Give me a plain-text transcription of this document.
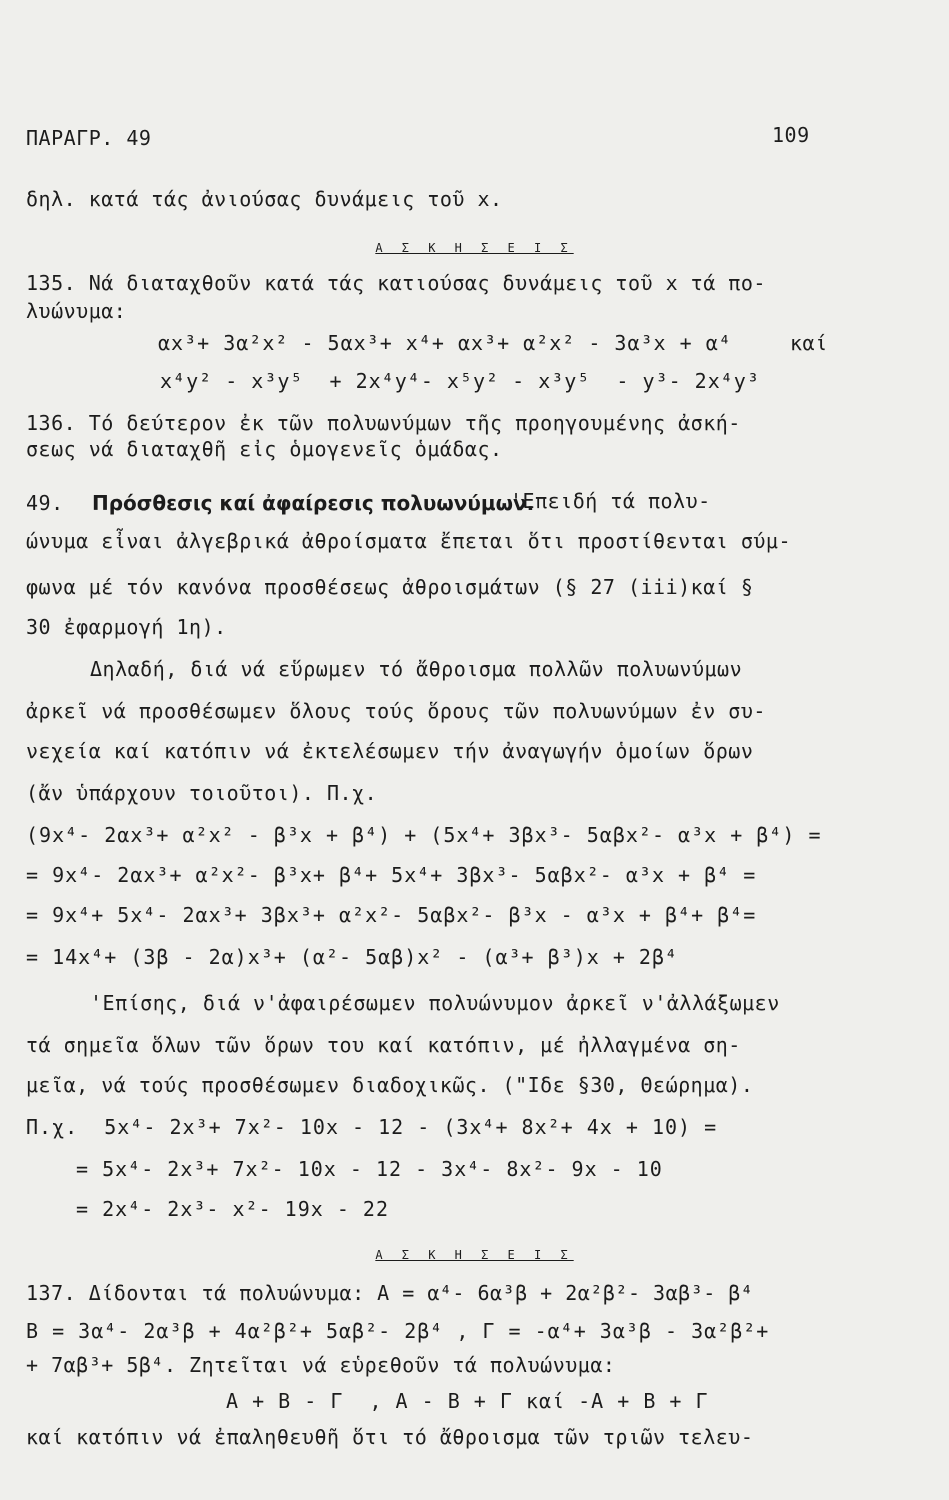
ΠΑΡΑΓΡ. 49	109
δηλ. κατά τάς ἀνιούσας δυνάμεις τοῦ x.
Α Σ Κ Η Σ Ε Ι Σ
135. Νά διαταχθοῦν κατά τάς κατιούσας δυνάμεις τοῦ x τά πο-
λυώνυμα:
αx³+ 3α²x² - 5αx³+ x⁴+ αx³+ α²x² - 3α³x + α⁴	καί
x⁴y² - x³y⁵  + 2x⁴y⁴- x⁵y² - x³y⁵  - y³- 2x⁴y³
136. Τό δεύτερον ἐκ τῶν πολυωνύμων τῆς προηγουμένης ἀσκή-
σεως νά διαταχθῆ εἰς ὁμογενεῖς ὁμάδας.
49. Πρόσθεσις καί ἀφαίρεσις πολυωνύμων.
'Επειδή τά πολυ-
ώνυμα εἶναι ἀλγεβρικά ἀθροίσματα ἔπεται ὅτι προστίθενται σύμ-
φωνα μέ τόν κανόνα προσθέσεως ἀθροισμάτων (§ 27 (iii)καί §
30 ἐφαρμογή 1η).
Δηλαδή, διά νά εὕρωμεν τό ἄθροισμα πολλῶν πολυωνύμων
ἀρκεῖ νά προσθέσωμεν ὅλους τούς ὅρους τῶν πολυωνύμων ἐν συ-
νεχεία καί κατόπιν νά ἐκτελέσωμεν τήν ἀναγωγήν ὁμοίων ὅρων
(ἄν ὑπάρχουν τοιοῦτοι). Π.χ.
(9x⁴- 2αx³+ α²x² - β³x + β⁴) + (5x⁴+ 3βx³- 5αβx²- α³x + β⁴) =
= 9x⁴- 2αx³+ α²x²- β³x+ β⁴+ 5x⁴+ 3βx³- 5αβx²- α³x + β⁴ =
= 9x⁴+ 5x⁴- 2αx³+ 3βx³+ α²x²- 5αβx²- β³x - α³x + β⁴+ β⁴=
= 14x⁴+ (3β - 2α)x³+ (α²- 5αβ)x² - (α³+ β³)x + 2β⁴
'Επίσης, διά ν'ἀφαιρέσωμεν πολυώνυμον ἀρκεῖ ν'ἀλλάξωμεν
τά σημεῖα ὅλων τῶν ὅρων του καί κατόπιν, μέ ἠλλαγμένα ση-
μεῖα, νά τούς προσθέσωμεν διαδοχικῶς. ("Ιδε §30, Θεώρημα).
Π.χ.  5x⁴- 2x³+ 7x²- 10x - 12 - (3x⁴+ 8x²+ 4x + 10) =
= 5x⁴- 2x³+ 7x²- 10x - 12 - 3x⁴- 8x²- 9x - 10
= 2x⁴- 2x³- x²- 19x - 22
Α Σ Κ Η Σ Ε Ι Σ
137. Δίδονται τά πολυώνυμα: Α = α⁴- 6α³β + 2α²β²- 3αβ³- β⁴
Β = 3α⁴- 2α³β + 4α²β²+ 5αβ²- 2β⁴ , Γ = -α⁴+ 3α³β - 3α²β²+
+ 7αβ³+ 5β⁴. Ζητεῖται νά εὑρεθοῦν τά πολυώνυμα:
Α + Β - Γ  , Α - Β + Γ καί -Α + Β + Γ
καί κατόπιν νά ἐπαληθευθῆ ὅτι τό ἄθροισμα τῶν τριῶν τελευ-
